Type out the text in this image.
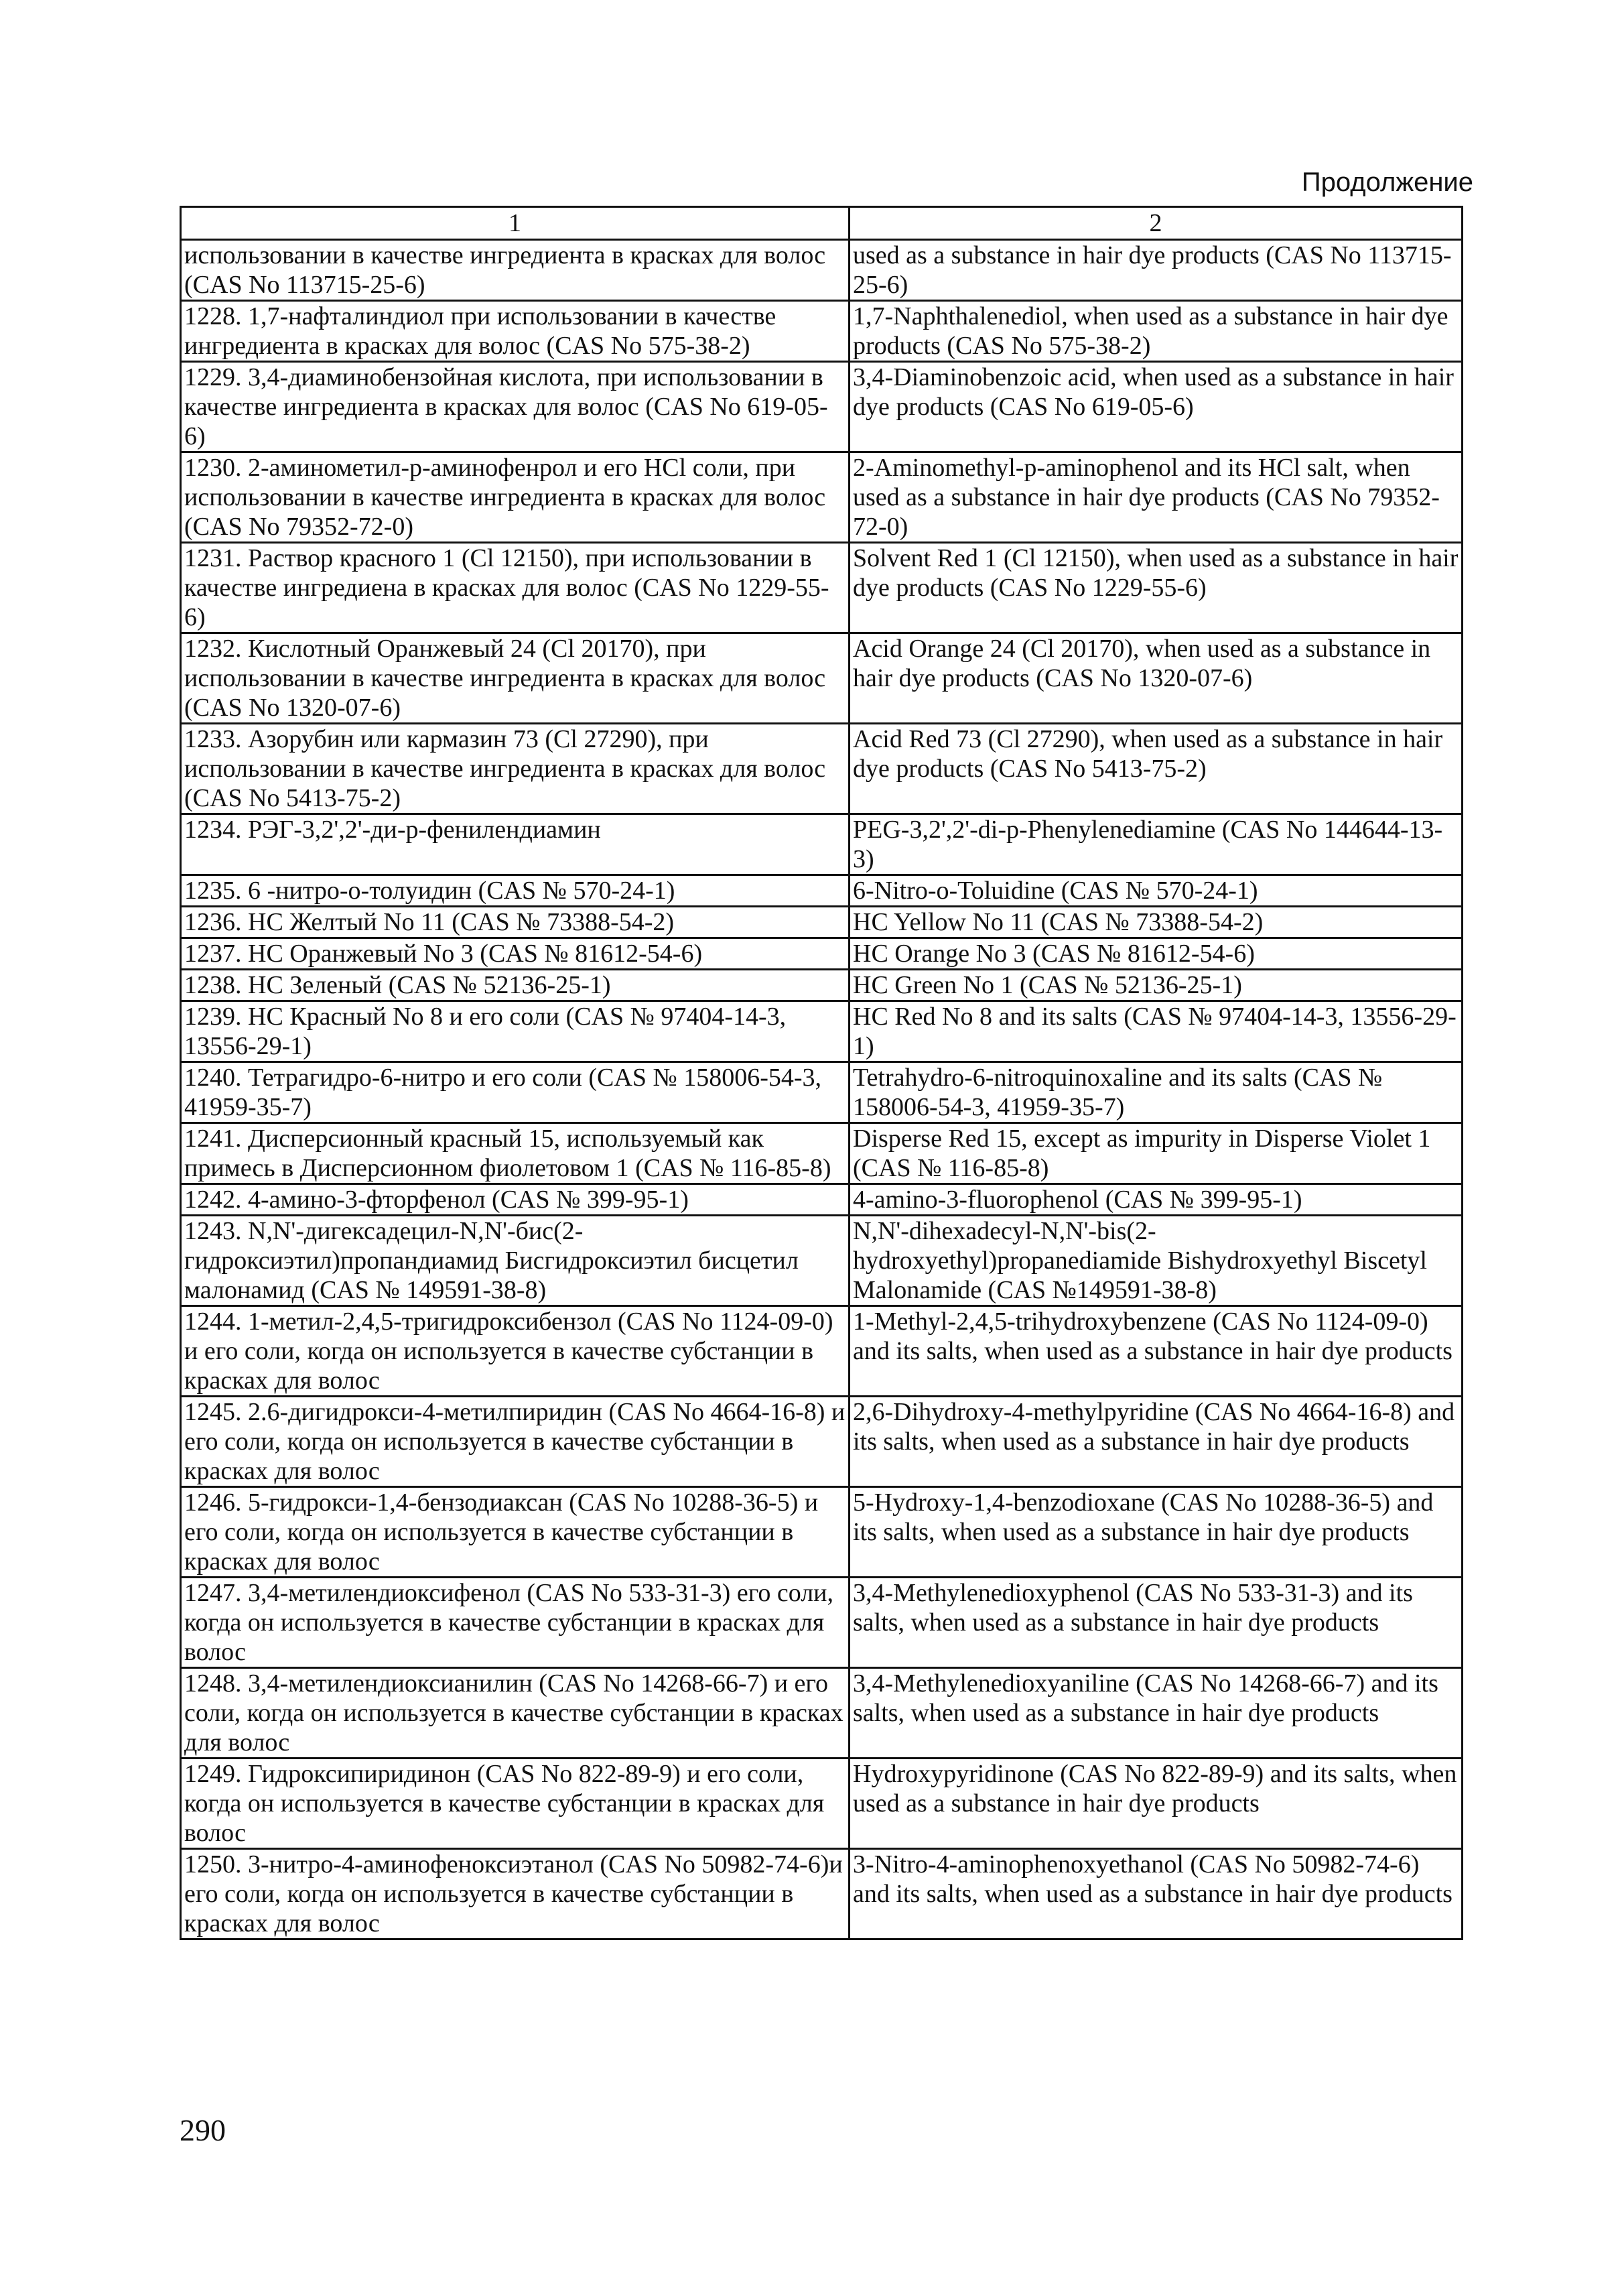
Продолжение
1	2
использовании в качестве ингредиента в красках для волос (CAS No 113715-25-6)	used as a substance in hair dye products (CAS No 113715-25-6)
1228. 1,7-нафталиндиол при использовании в качестве ингредиента в красках для волос (CAS No 575-38-2)	1,7-Naphthalenediol, when used as a substance in hair dye products (CAS No 575-38-2)
1229. 3,4-диаминобензойная кислота, при использовании в качестве ингредиента в красках для волос (CAS No 619-05-6)	3,4-Diaminobenzoic acid, when used as a substance in hair dye products (CAS No 619-05-6)
1230. 2-аминометил-р-аминофенрол и его HCl соли, при использовании в качестве ингредиента в красках для волос (CAS No 79352-72-0)	2-Aminomethyl-p-aminophenol and its HCl salt, when used as a substance in hair dye products (CAS No 79352-72-0)
1231. Раствор красного 1 (Cl 12150), при использовании в качестве ингредиена в красках для волос (CAS No 1229-55-6)	Solvent Red 1 (Cl 12150), when used as a substance in hair dye products (CAS No 1229-55-6)
1232. Кислотный Оранжевый 24 (Cl 20170), при использовании в качестве ингредиента в красках для волос (CAS No 1320-07-6)	Acid Orange 24 (Cl 20170), when used as a substance in hair dye products (CAS No 1320-07-6)
1233. Азорубин или кармазин 73 (Cl 27290), при использовании в качестве ингредиента в красках для волос (CAS No 5413-75-2)	Acid Red 73 (Cl 27290), when used as a substance in hair dye products (CAS No 5413-75-2)
1234. РЭГ-3,2',2'-ди-р-фенилендиамин	PEG-3,2',2'-di-p-Phenylenediamine (CAS No 144644-13-3)
1235. 6 -нитро-о-толуидин (CAS № 570-24-1)	6-Nitro-o-Toluidine (CAS № 570-24-1)
1236. НС Желтый No 11 (CAS № 73388-54-2)	HC Yellow No 11 (CAS № 73388-54-2)
1237. НС Оранжевый No 3 (CAS № 81612-54-6)	HC Orange No 3 (CAS № 81612-54-6)
1238. НС Зеленый (CAS № 52136-25-1)	HC Green No 1 (CAS № 52136-25-1)
1239. НС Красный No 8 и его соли (CAS № 97404-14-3, 13556-29-1)	HC Red No 8 and its salts (CAS № 97404-14-3, 13556-29-1)
1240. Тетрагидро-6-нитро и его соли (CAS № 158006-54-3, 41959-35-7)	Tetrahydro-6-nitroquinoxaline and its salts (CAS № 158006-54-3, 41959-35-7)
1241. Дисперсионный красный 15, используемый как примесь в Дисперсионном фиолетовом 1 (CAS № 116-85-8)	Disperse Red 15, except as impurity in Disperse Violet 1 (CAS № 116-85-8)
1242. 4-амино-3-фторфенол (CAS № 399-95-1)	4-amino-3-fluorophenol (CAS № 399-95-1)
1243. N,N'-дигексадецил-N,N'-бис(2-гидроксиэтил)пропандиамид Бисгидроксиэтил бисцетил малонамид (CAS № 149591-38-8)	N,N'-dihexadecyl-N,N'-bis(2-hydroxyethyl)propanediamide Bishydroxyethyl Biscetyl Malonamide (CAS №149591-38-8)
1244. 1-метил-2,4,5-тригидроксибензол (CAS No 1124-09-0) и его соли, когда он используется в качестве субстанции в красках для волос	1-Methyl-2,4,5-trihydroxybenzene (CAS No 1124-09-0) and its salts, when used as a substance in hair dye products
1245. 2.6-дигидрокси-4-метилпиридин (CAS No 4664-16-8) и его соли, когда он используется в качестве субстанции в красках для волос	2,6-Dihydroxy-4-methylpyridine (CAS No 4664-16-8) and its salts, when used as a substance in hair dye products
1246. 5-гидрокси-1,4-бензодиаксан (CAS No 10288-36-5) и его соли, когда он используется в качестве субстанции в красках для волос	5-Hydroxy-1,4-benzodioxane (CAS No 10288-36-5) and its salts, when used as a substance in hair dye products
1247. 3,4-метилендиоксифенол (CAS No 533-31-3) его соли, когда он используется в качестве субстанции в красках для волос	3,4-Methylenedioxyphenol (CAS No 533-31-3) and its salts, when used as a substance in hair dye products
1248. 3,4-метилендиоксианилин (CAS No 14268-66-7) и его соли, когда он используется в качестве субстанции в красках для волос	3,4-Methylenedioxyaniline (CAS No 14268-66-7) and its salts, when used as a substance in hair dye products
1249. Гидроксипиридинон (CAS No 822-89-9) и его соли, когда он используется в качестве субстанции в красках для волос	Hydroxypyridinone (CAS No 822-89-9) and its salts, when used as a substance in hair dye products
1250. 3-нитро-4-аминофеноксиэтанол (CAS No 50982-74-6)и его соли, когда он используется в качестве субстанции в красках для волос	3-Nitro-4-aminophenoxyethanol (CAS No 50982-74-6) and its salts, when used as a substance in hair dye products
290
